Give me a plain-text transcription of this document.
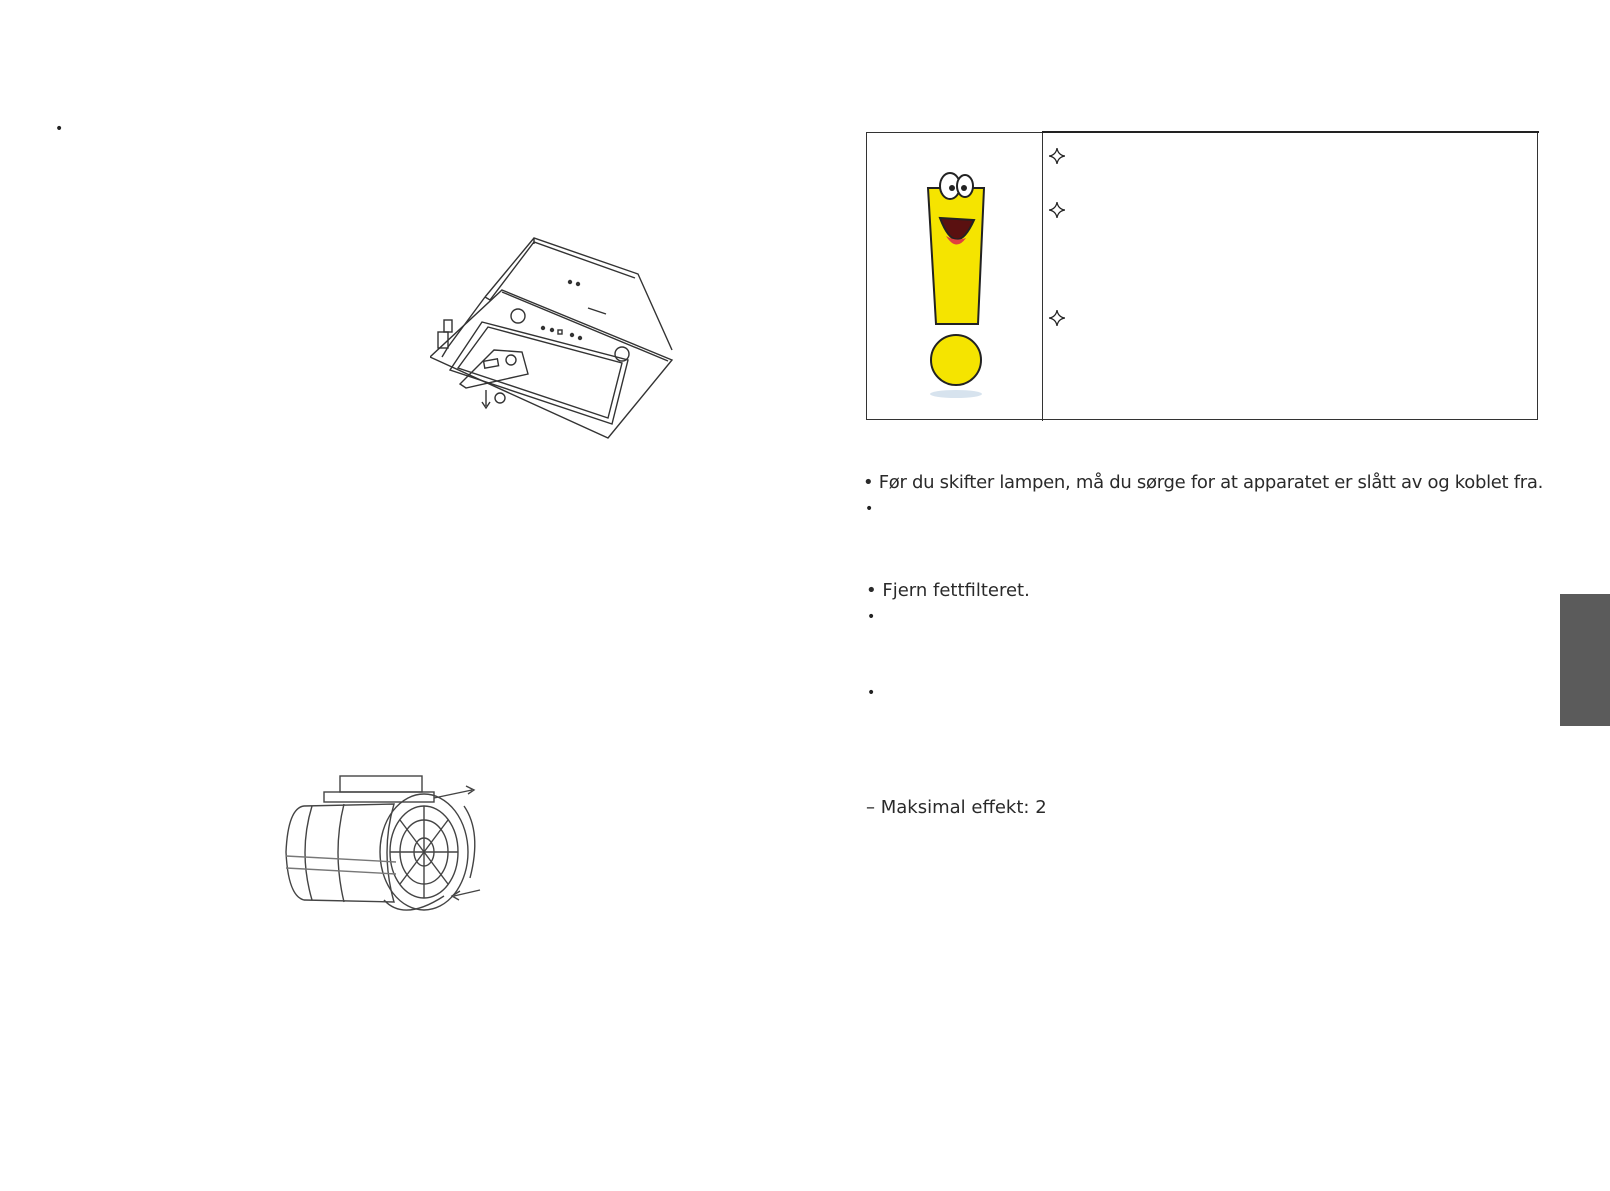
•
• Før du skifter lampen, må du sørge for at apparatet er slått av og koblet fra.
•
• Fjern fettfilteret.
•
•
– Maksimal effekt: 2
